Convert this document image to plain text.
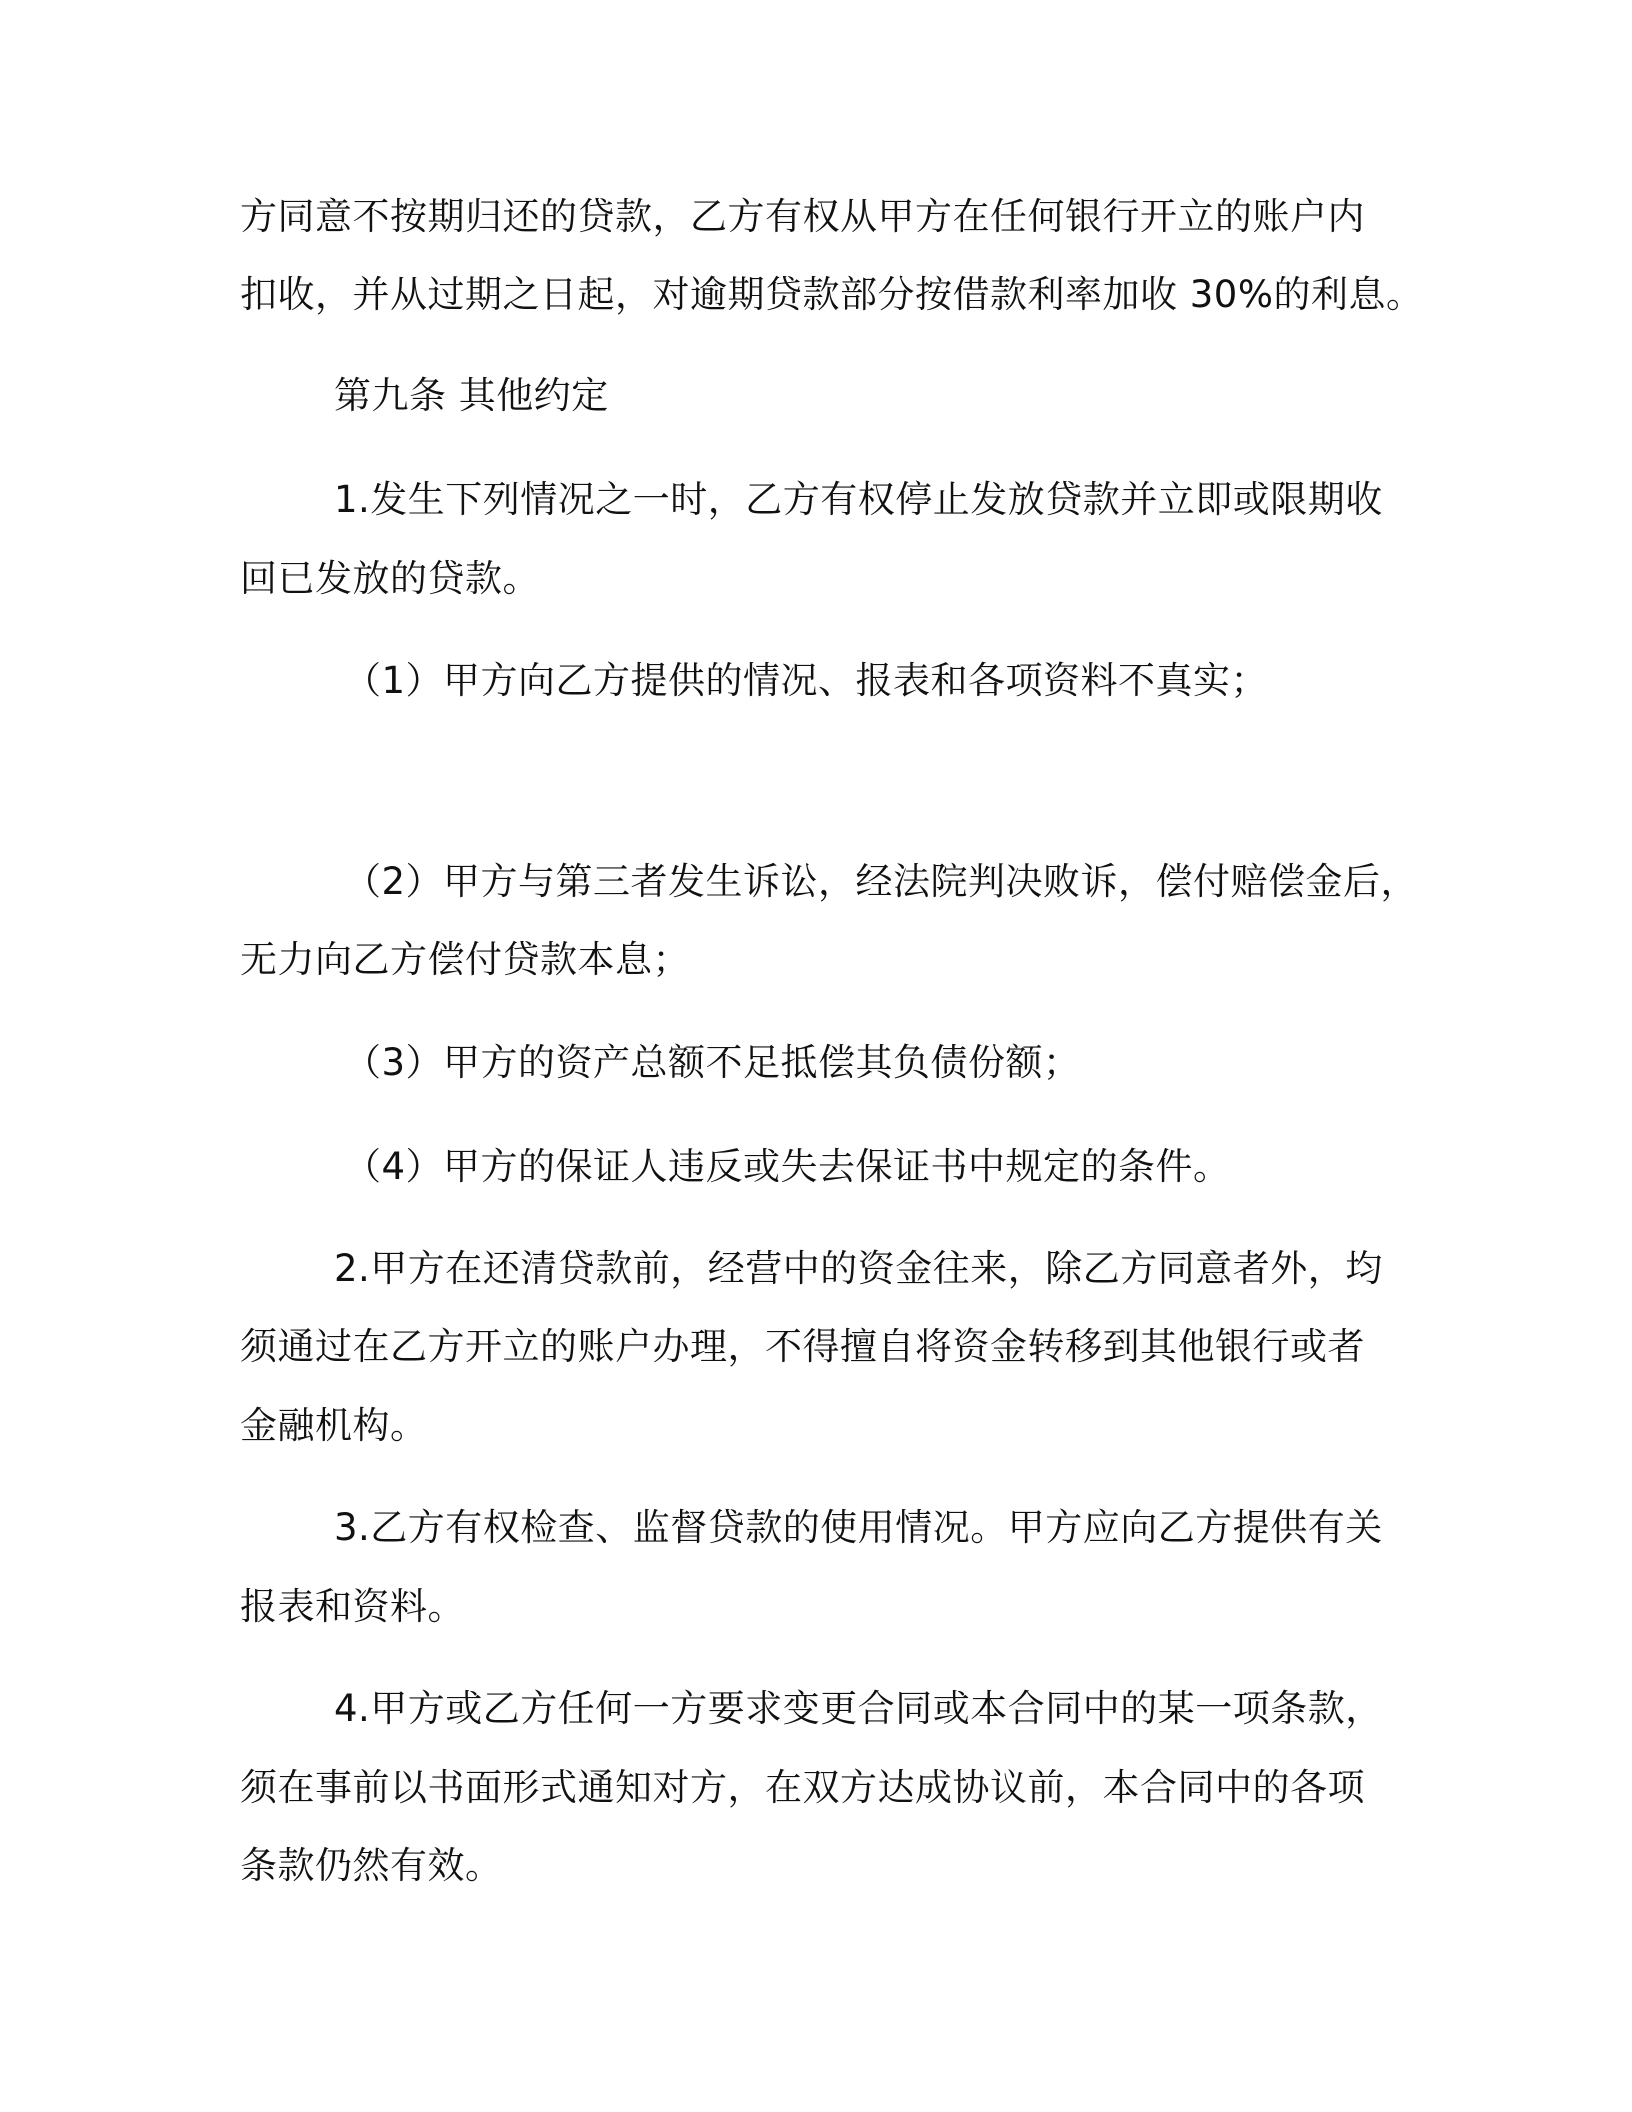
方同意不按期归还的贷款，乙方有权从甲方在任何银行开立的账户内
扣收，并从过期之日起，对逾期贷款部分按借款利率加收 30%的利息。
第九条 其他约定
1.发生下列情况之一时，乙方有权停止发放贷款并立即或限期收
回已发放的贷款。
（1）甲方向乙方提供的情况、报表和各项资料不真实；
（2）甲方与第三者发生诉讼，经法院判决败诉，偿付赔偿金后，
无力向乙方偿付贷款本息；
（3）甲方的资产总额不足抵偿其负债份额；
（4）甲方的保证人违反或失去保证书中规定的条件。
2.甲方在还清贷款前，经营中的资金往来，除乙方同意者外，均
须通过在乙方开立的账户办理，不得擅自将资金转移到其他银行或者
金融机构。
3.乙方有权检查、监督贷款的使用情况。甲方应向乙方提供有关
报表和资料。
4.甲方或乙方任何一方要求变更合同或本合同中的某一项条款，
须在事前以书面形式通知对方，在双方达成协议前，本合同中的各项
条款仍然有效。
